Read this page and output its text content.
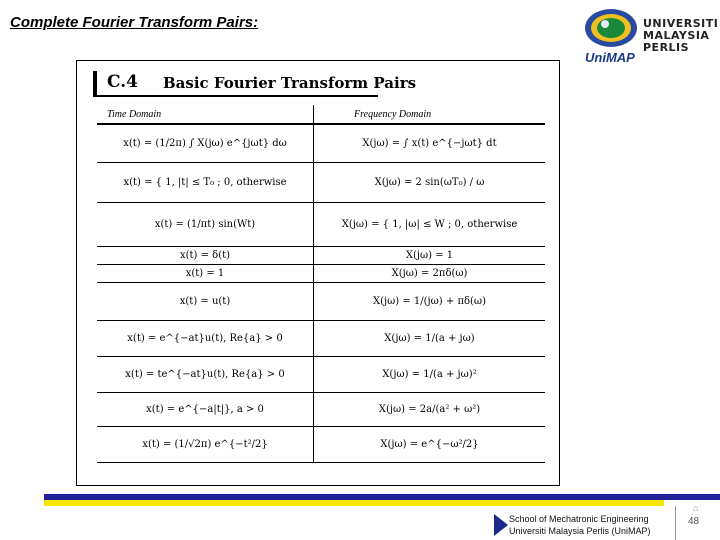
Complete Fourier Transform Pairs:	UNIVERSITI
MALAYSIA
PERLIS
UniMAP
C.4 Basic Fourier Transform Pairs
Time Domain	Frequency Domain
x(t) = (1/2π) ∫ X(jω) e^{jωt} dω	X(jω) = ∫ x(t) e^{−jωt} dt
x(t) = { 1, |t| ≤ T₀ ; 0, otherwise	X(jω) = 2 sin(ωT₀) / ω
x(t) = (1/πt) sin(Wt)	X(jω) = { 1, |ω| ≤ W ; 0, otherwise
x(t) = δ(t)	X(jω) = 1
x(t) = 1	X(jω) = 2πδ(ω)
x(t) = u(t)	X(jω) = 1/(jω) + πδ(ω)
x(t) = e^{−at}u(t), Re{a} > 0	X(jω) = 1/(a + jω)
x(t) = te^{−at}u(t), Re{a} > 0	X(jω) = 1/(a + jω)²
x(t) = e^{−a|t|}, a > 0	X(jω) = 2a/(a² + ω²)
x(t) = (1/√2π) e^{−t²/2}	X(jω) = e^{−ω²/2}
School of Mechatronic Engineering
Universiti Malaysia Perlis (UniMAP)
⌂
48
